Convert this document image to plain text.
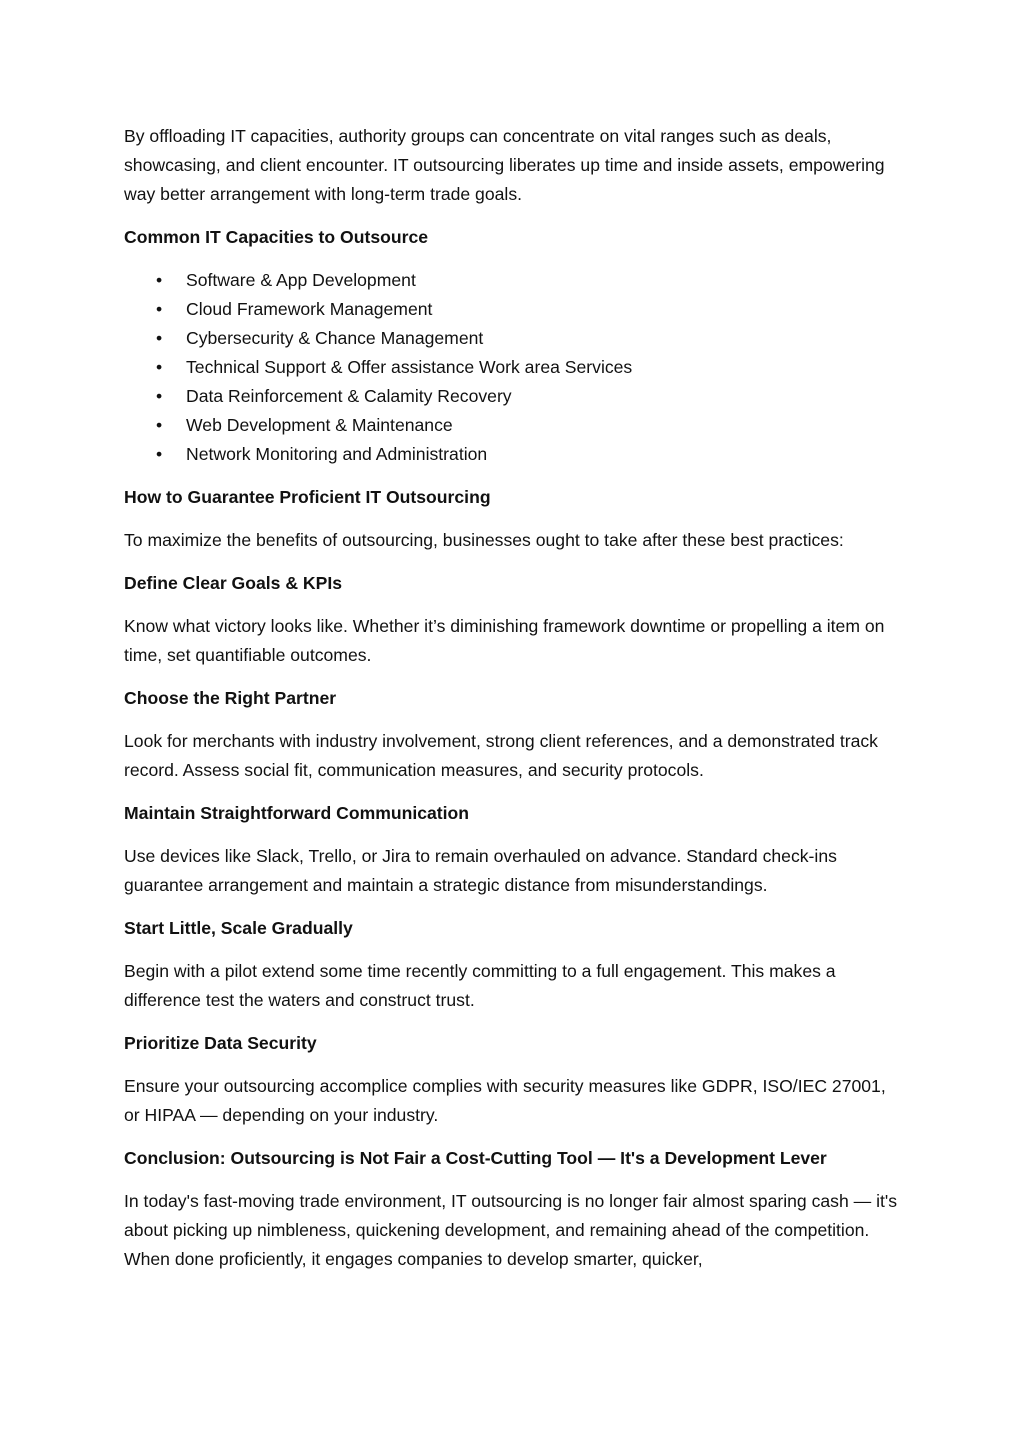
By offloading IT capacities, authority groups can concentrate on vital ranges such as deals, showcasing, and client encounter. IT outsourcing liberates up time and inside assets, empowering way better arrangement with long-term trade goals.

Common IT Capacities to Outsource

• Software & App Development
• Cloud Framework Management
• Cybersecurity & Chance Management
• Technical Support & Offer assistance Work area Services
• Data Reinforcement & Calamity Recovery
• Web Development & Maintenance
• Network Monitoring and Administration

How to Guarantee Proficient IT Outsourcing

To maximize the benefits of outsourcing, businesses ought to take after these best practices:

Define Clear Goals & KPIs

Know what victory looks like. Whether it’s diminishing framework downtime or propelling a item on time, set quantifiable outcomes.

Choose the Right Partner

Look for merchants with industry involvement, strong client references, and a demonstrated track record. Assess social fit, communication measures, and security protocols.

Maintain Straightforward Communication

Use devices like Slack, Trello, or Jira to remain overhauled on advance. Standard check-ins guarantee arrangement and maintain a strategic distance from misunderstandings.

Start Little, Scale Gradually

Begin with a pilot extend some time recently committing to a full engagement. This makes a difference test the waters and construct trust.

Prioritize Data Security

Ensure your outsourcing accomplice complies with security measures like GDPR, ISO/IEC 27001, or HIPAA — depending on your industry.

Conclusion: Outsourcing is Not Fair a Cost-Cutting Tool — It's a Development Lever

In today's fast-moving trade environment, IT outsourcing is no longer fair almost sparing cash — it's about picking up nimbleness, quickening development, and remaining ahead of the competition. When done proficiently, it engages companies to develop smarter, quicker,
